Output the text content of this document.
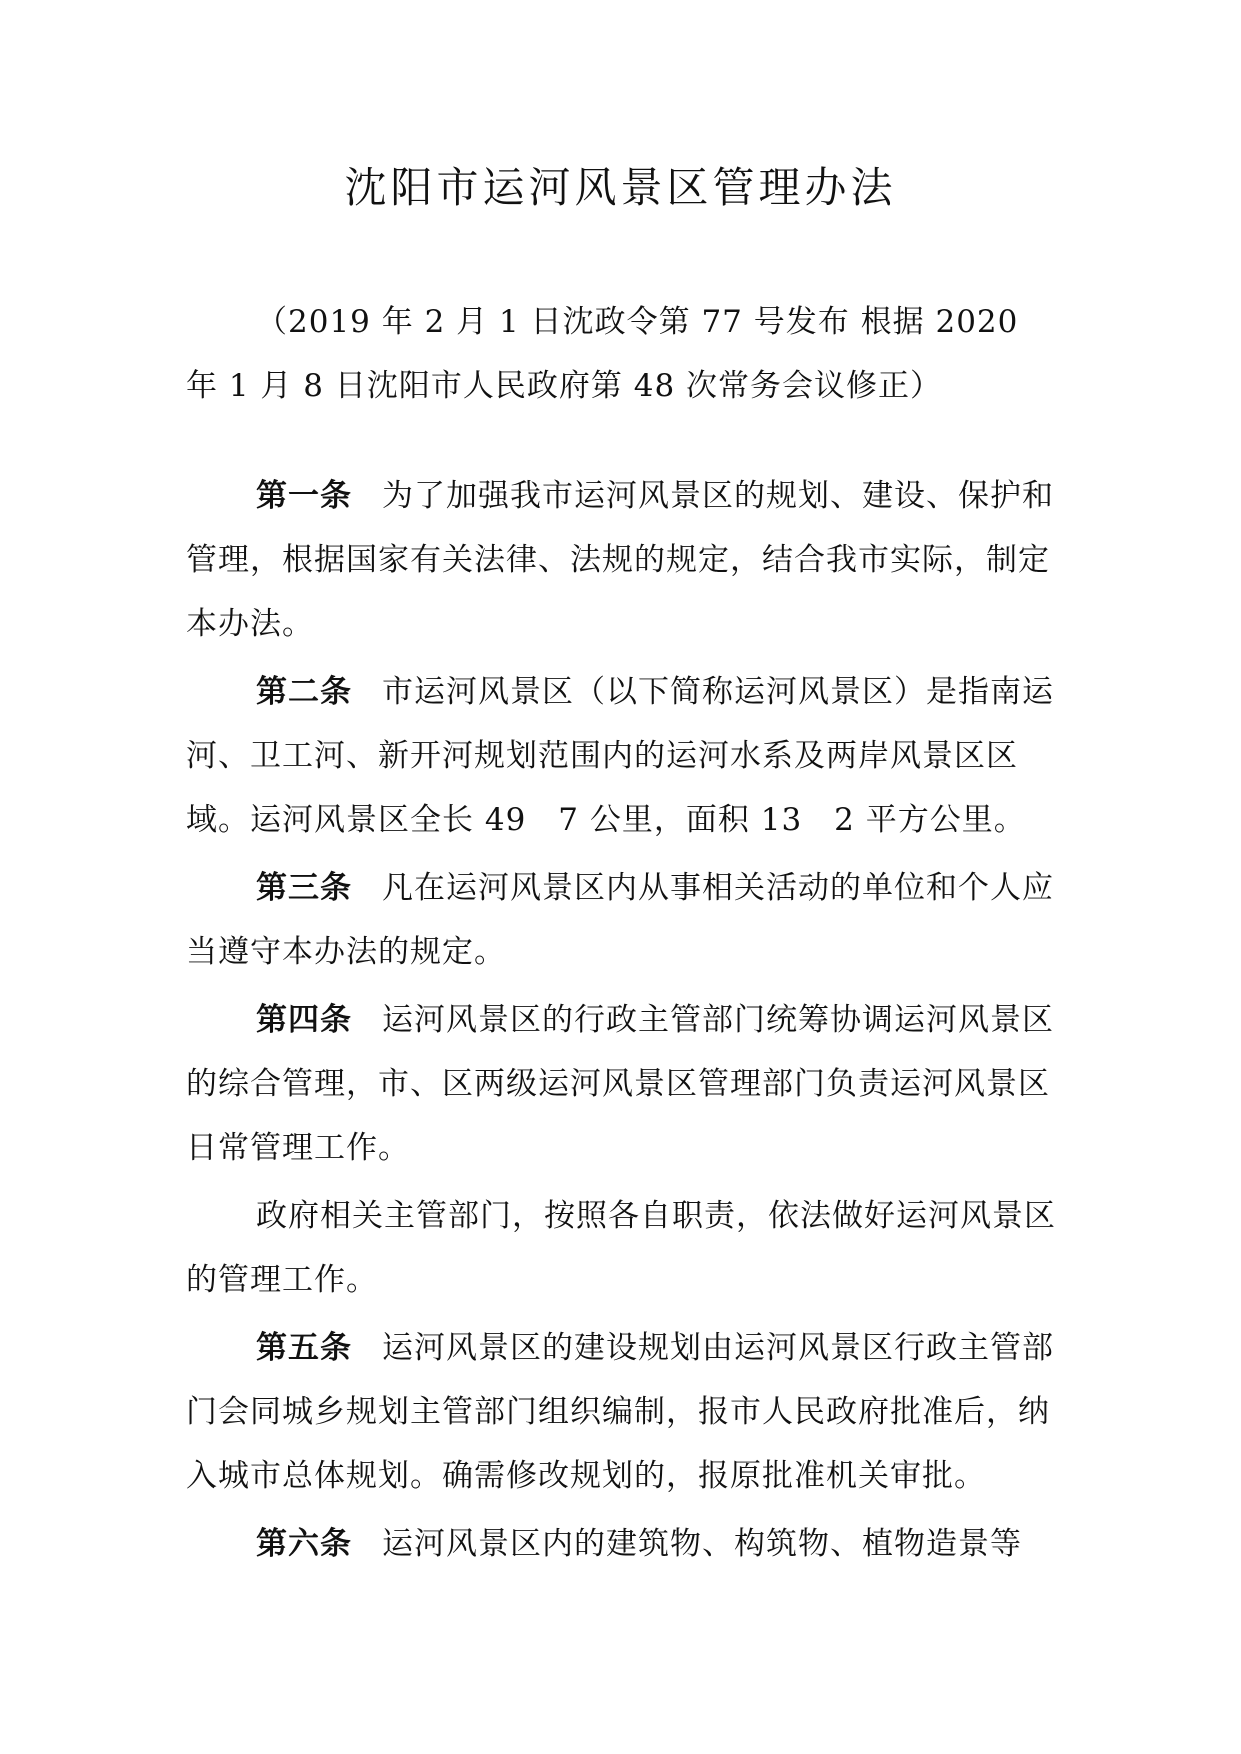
沈阳市运河风景区管理办法

（2019 年 2 月 1 日沈政令第 77 号发布 根据 2020 年 1 月 8 日沈阳市人民政府第 48 次常务会议修正）

第一条 为了加强我市运河风景区的规划、建设、保护和管理，根据国家有关法律、法规的规定，结合我市实际，制定本办法。

第二条 市运河风景区（以下简称运河风景区）是指南运河、卫工河、新开河规划范围内的运河水系及两岸风景区区域。运河风景区全长 49　7 公里，面积 13　2 平方公里。

第三条 凡在运河风景区内从事相关活动的单位和个人应当遵守本办法的规定。

第四条 运河风景区的行政主管部门统筹协调运河风景区的综合管理，市、区两级运河风景区管理部门负责运河风景区日常管理工作。

政府相关主管部门，按照各自职责，依法做好运河风景区的管理工作。

第五条 运河风景区的建设规划由运河风景区行政主管部门会同城乡规划主管部门组织编制，报市人民政府批准后，纳入城市总体规划。确需修改规划的，报原批准机关审批。

第六条 运河风景区内的建筑物、构筑物、植物造景等
